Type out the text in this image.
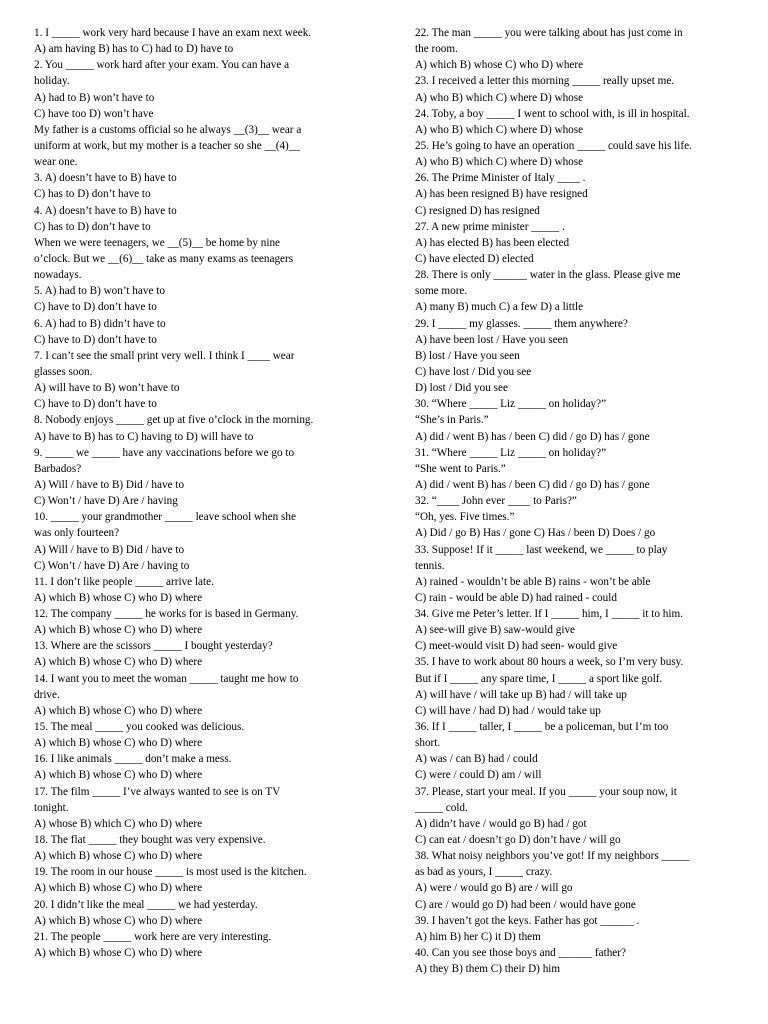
1. I _____ work very hard because I have an exam next week.
A) am having B) has to C) had to D) have to
2. You _____ work hard after your exam. You can have a
holiday.
A) had to B) won’t have to
C) have too D) won’t have
My father is a customs official so he always __(3)__ wear a
uniform at work, but my mother is a teacher so she __(4)__
wear one.
3. A) doesn’t have to B) have to
C) has to D) don’t have to
4. A) doesn’t have to B) have to
C) has to D) don’t have to
When we were teenagers, we __(5)__ be home by nine
o’clock. But we __(6)__ take as many exams as teenagers
nowadays.
5. A) had to B) won’t have to
C) have to D) don’t have to
6. A) had to B) didn’t have to
C) have to D) don’t have to
7. I can’t see the small print very well. I think I ____ wear
glasses soon.
A) will have to B) won’t have to
C) have to D) don’t have to
8. Nobody enjoys _____ get up at five o’clock in the morning.
A) have to B) has to C) having to D) will have to
9. _____ we _____ have any vaccinations before we go to
Barbados?
A) Will / have to B) Did / have to
C) Won’t / have D) Are / having
10. _____ your grandmother _____ leave school when she
was only fourteen?
A) Will / have to B) Did / have to
C) Won’t / have D) Are / having to
11. I don’t like people _____ arrive late.
A) which B) whose C) who D) where
12. The company _____ he works for is based in Germany.
A) which B) whose C) who D) where
13. Where are the scissors _____ I bought yesterday?
A) which B) whose C) who D) where
14. I want you to meet the woman _____ taught me how to
drive.
A) which B) whose C) who D) where
15. The meal _____ you cooked was delicious.
A) which B) whose C) who D) where
16. I like animals _____ don’t make a mess.
A) which B) whose C) who D) where
17. The film _____ I’ve always wanted to see is on TV
tonight.
A) whose B) which C) who D) where
18. The flat _____ they bought was very expensive.
A) which B) whose C) who D) where
19. The room in our house _____ is most used is the kitchen.
A) which B) whose C) who D) where
20. I didn’t like the meal _____ we had yesterday.
A) which B) whose C) who D) where
21. The people _____ work here are very interesting.
A) which B) whose C) who D) where
22. The man _____ you were talking about has just come in
the room.
A) which B) whose C) who D) where
23. I received a letter this morning _____ really upset me.
A) who B) which C) where D) whose
24. Toby, a boy _____ I went to school with, is ill in hospital.
A) who B) which C) where D) whose
25. He’s going to have an operation _____ could save his life.
A) who B) which C) where D) whose
26. The Prime Minister of Italy ____ .
A) has been resigned B) have resigned
C) resigned D) has resigned
27. A new prime minister _____ .
A) has elected B) has been elected
C) have elected D) elected
28. There is only ______ water in the glass. Please give me
some more.
A) many B) much C) a few D) a little
29. I _____ my glasses. _____ them anywhere?
A) have been lost / Have you seen
B) lost / Have you seen
C) have lost / Did you see
D) lost / Did you see
30. “Where _____ Liz _____ on holiday?”
“She’s in Paris.”
A) did / went B) has / been C) did / go D) has / gone
31. “Where _____ Liz _____ on holiday?”
“She went to Paris.”
A) did / went B) has / been C) did / go D) has / gone
32. “____ John ever ____ to Paris?”
“Oh, yes. Five times.”
A) Did / go B) Has / gone C) Has / been D) Does / go
33. Suppose! If it _____ last weekend, we _____ to play
tennis.
A) rained - wouldn’t be able B) rains - won’t be able
C) rain - would be able D) had rained - could
34. Give me Peter’s letter. If I _____ him, I _____ it to him.
A) see-will give B) saw-would give
C) meet-would visit D) had seen- would give
35. I have to work about 80 hours a week, so I’m very busy.
But if I _____ any spare time, I _____ a sport like golf.
A) will have / will take up B) had / will take up
C) will have / had D) had / would take up
36. If I _____ taller, I _____ be a policeman, but I’m too
short.
A) was / can B) had / could
C) were / could D) am / will
37. Please, start your meal. If you _____ your soup now, it
_____ cold.
A) didn’t have / would go B) had / got
C) can eat / doesn’t go D) don’t have / will go
38. What noisy neighbors you’ve got! If my neighbors _____
as bad as yours, I _____ crazy.
A) were / would go B) are / will go
C) are / would go D) had been / would have gone
39. I haven’t got the keys. Father has got ______ .
A) him B) her C) it D) them
40. Can you see those boys and ______ father?
A) they B) them C) their D) him
